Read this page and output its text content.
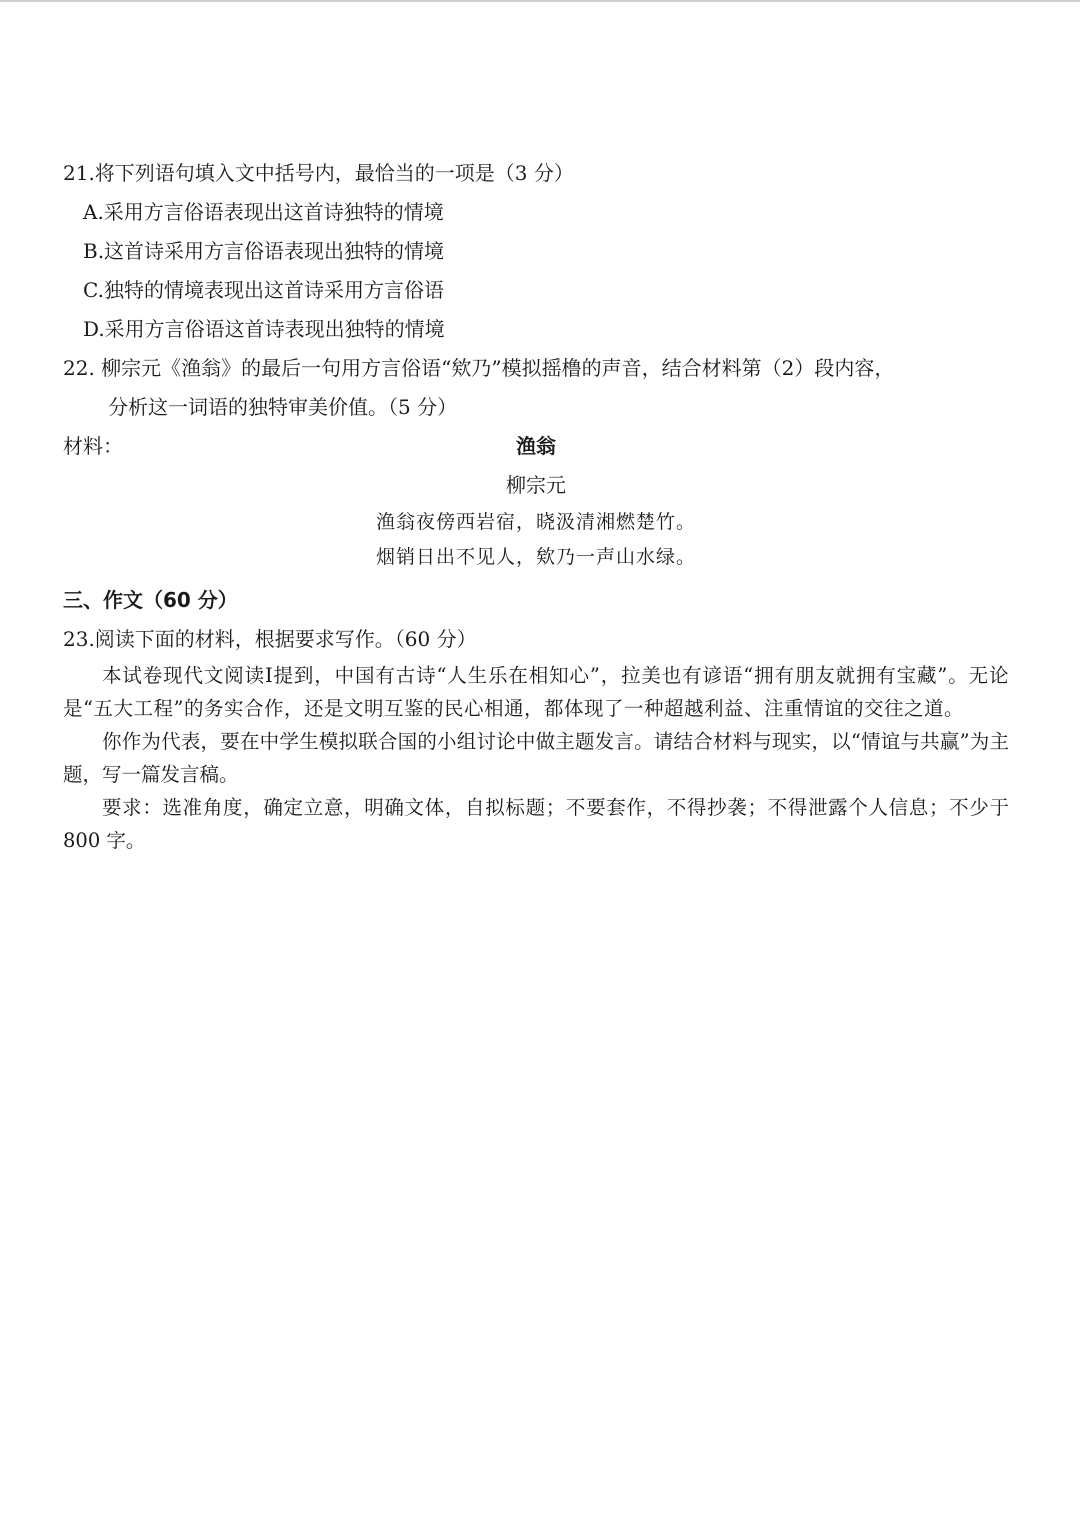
21.将下列语句填入文中括号内，最恰当的一项是（3 分）
A.采用方言俗语表现出这首诗独特的情境
B.这首诗采用方言俗语表现出独特的情境
C.独特的情境表现出这首诗采用方言俗语
D.采用方言俗语这首诗表现出独特的情境
22. 柳宗元《渔翁》的最后一句用方言俗语“欸乃”模拟摇橹的声音，结合材料第（2）段内容，
分析这一词语的独特审美价值。（5 分）
材料：	渔翁
柳宗元
渔翁夜傍西岩宿，晓汲清湘燃楚竹。
烟销日出不见人，欸乃一声山水绿。
三、作文（60 分）
23.阅读下面的材料，根据要求写作。（60 分）
本试卷现代文阅读Ⅰ提到，中国有古诗“人生乐在相知心”，拉美也有谚语“拥有朋友就拥有宝藏”。无论是“五大工程”的务实合作，还是文明互鉴的民心相通，都体现了一种超越利益、注重情谊的交往之道。
你作为代表，要在中学生模拟联合国的小组讨论中做主题发言。请结合材料与现实，以“情谊与共赢”为主题，写一篇发言稿。
要求：选准角度，确定立意，明确文体，自拟标题；不要套作，不得抄袭；不得泄露个人信息；不少于 800 字。
